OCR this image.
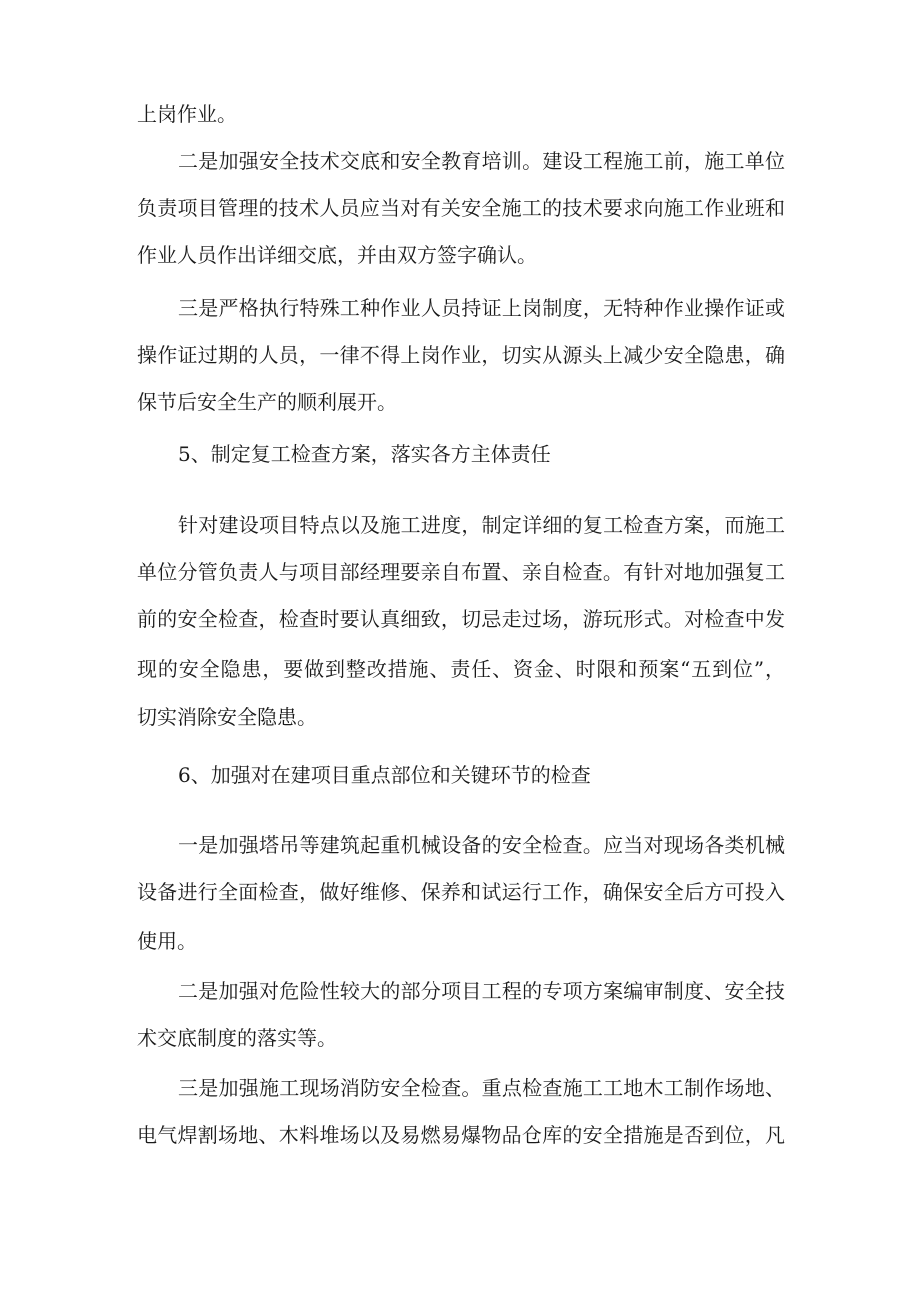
上岗作业。
二是加强安全技术交底和安全教育培训。建设工程施工前，施工单位
负责项目管理的技术人员应当对有关安全施工的技术要求向施工作业班和
作业人员作出详细交底，并由双方签字确认。
三是严格执行特殊工种作业人员持证上岗制度，无特种作业操作证或
操作证过期的人员，一律不得上岗作业，切实从源头上减少安全隐患，确
保节后安全生产的顺利展开。
5、制定复工检查方案，落实各方主体责任
针对建设项目特点以及施工进度，制定详细的复工检查方案，而施工
单位分管负责人与项目部经理要亲自布置、亲自检查。有针对地加强复工
前的安全检查，检查时要认真细致，切忌走过场，游玩形式。对检查中发
现的安全隐患，要做到整改措施、责任、资金、时限和预案“五到位”，
切实消除安全隐患。
6、加强对在建项目重点部位和关键环节的检查
一是加强塔吊等建筑起重机械设备的安全检查。应当对现场各类机械
设备进行全面检查，做好维修、保养和试运行工作，确保安全后方可投入
使用。
二是加强对危险性较大的部分项目工程的专项方案编审制度、安全技
术交底制度的落实等。
三是加强施工现场消防安全检查。重点检查施工工地木工制作场地、
电气焊割场地、木料堆场以及易燃易爆物品仓库的安全措施是否到位，凡
